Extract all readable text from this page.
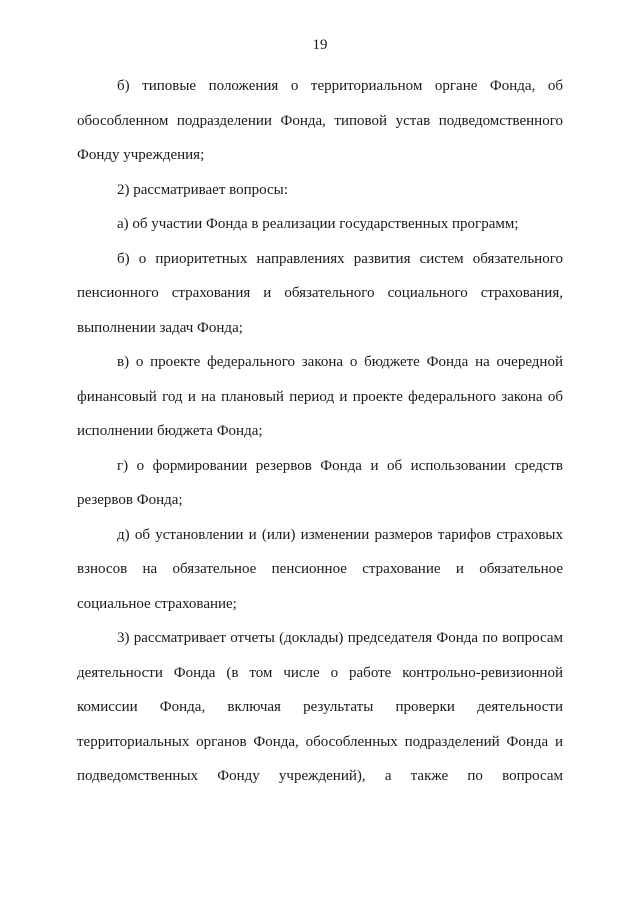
19

б) типовые положения о территориальном органе Фонда, об обособленном подразделении Фонда, типовой устав подведомственного Фонду учреждения;

2) рассматривает вопросы:

а) об участии Фонда в реализации государственных программ;

б) о приоритетных направлениях развития систем обязательного пенсионного страхования и обязательного социального страхования, выполнении задач Фонда;

в) о проекте федерального закона о бюджете Фонда на очередной финансовый год и на плановый период и проекте федерального закона об исполнении бюджета Фонда;

г) о формировании резервов Фонда и об использовании средств резервов Фонда;

д) об установлении и (или) изменении размеров тарифов страховых взносов на обязательное пенсионное страхование и обязательное социальное страхование;

3) рассматривает отчеты (доклады) председателя Фонда по вопросам деятельности Фонда (в том числе о работе контрольно-ревизионной комиссии Фонда, включая результаты проверки деятельности территориальных органов Фонда, обособленных подразделений Фонда и подведомственных Фонду учреждений), а также по вопросам
